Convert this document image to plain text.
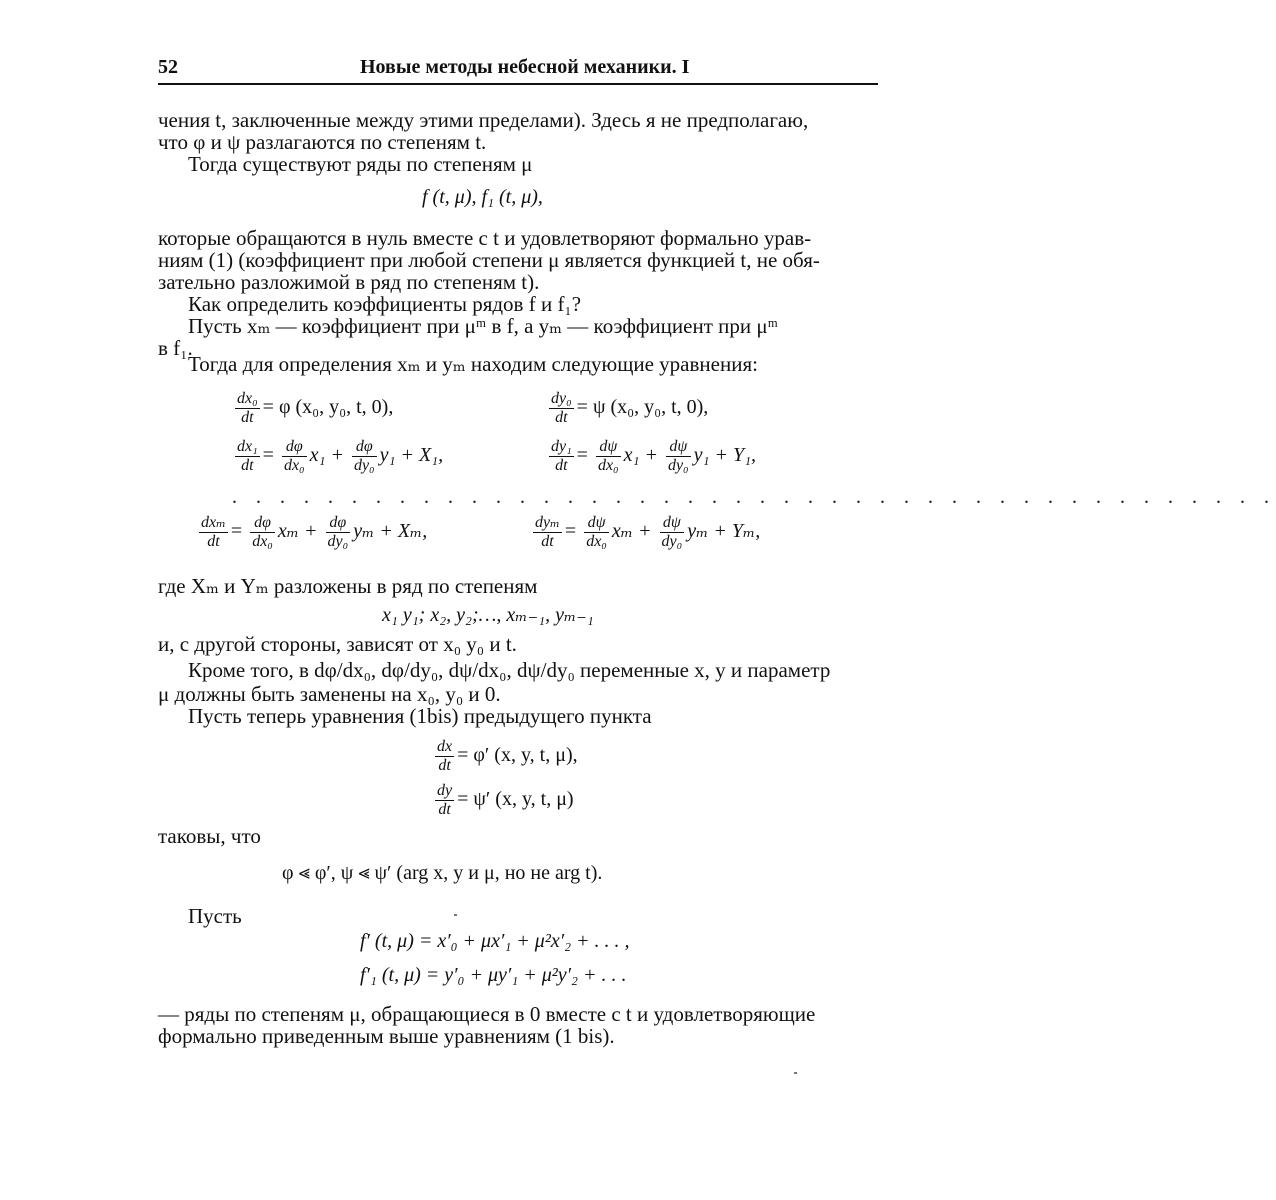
52	Новые методы небесной механики. I
чения t, заключенные между этими пределами). Здесь я не предполагаю,
что φ и ψ разлагаются по степеням t.
Тогда существуют ряды по степеням μ
f (t, μ), f₁ (t, μ),
которые обращаются в нуль вместе с t и удовлетворяют формально урав-
ниям (1) (коэффициент при любой степени μ является функцией t, не обя-
зательно разложимой в ряд по степеням t).
Как определить коэффициенты рядов f и f₁?
Пусть xₘ — коэффициент при μᵐ в f, а yₘ — коэффициент при μᵐ
в f₁.
Тогда для определения xₘ и yₘ находим следующие уравнения:
$\frac{\text{dx₀}}{dt} = \varphi$ (x₀, y₀, t, 0),	$\frac{\text{dy₀}}{dt} = \psi$ (x₀, y₀, t, 0),
$\frac{\text{dx₁}}{dt} = \frac{d\varphi}{\text{dx₀}} x_1 + \frac{d\varphi}{\text{dy₀}} y_1 + X_1$,	$\frac{\text{dy₁}}{dt} = \frac{d\psi}{\text{dx₀}} x_1 + \frac{d\psi}{\text{dy₀}} y_1 + Y_1$,
. . . . . . . . . . . . . . . . . . . . . . . . . . . . . . . . . . . . . . . . . . . .
$\frac{\text{dxₘ}}{dt} = \frac{d\varphi}{\text{dx₀}}$ $x_m + \frac{d\varphi}{\text{dy₀}}$ yₘ + Xₘ,	$\frac{\text{dyₘ}}{dt} = \frac{d\psi}{\text{dx₀}}$ $x_m + \frac{d\psi}{\text{dy₀}}$ yₘ + Yₘ,
где Xₘ и Yₘ разложены в ряд по степеням
x₁ y₁; x₂, y₂;…, xₘ₋₁, yₘ₋₁
и, с другой стороны, зависят от x₀ y₀ и t.
Кроме того, в dφ/dx₀, dφ/dy₀, dψ/dx₀, dψ/dy₀ переменные x, y и параметр
μ должны быть заменены на x₀, y₀ и 0.
Пусть теперь уравнения (1bis) предыдущего пункта
$\frac{dx}{dt} = \varphi'$ (x, y, t, μ),
$\frac{dy}{dt} = \psi'$ (x, y, t, μ)
таковы, что
φ ⪡ φ′, ψ ⪡ ψ′ (arg x, y и μ, но не arg t).
Пусть
f′ (t, μ) = x′₀ + μx′₁ + μ²x′₂ + . . . ,
f′₁ (t, μ) = y′₀ + μy′₁ + μ²y′₂ + . . .
— ряды по степеням μ, обращающиеся в 0 вместе с t и удовлетворяющие
формально приведенным выше уравнениям (1 bis).
